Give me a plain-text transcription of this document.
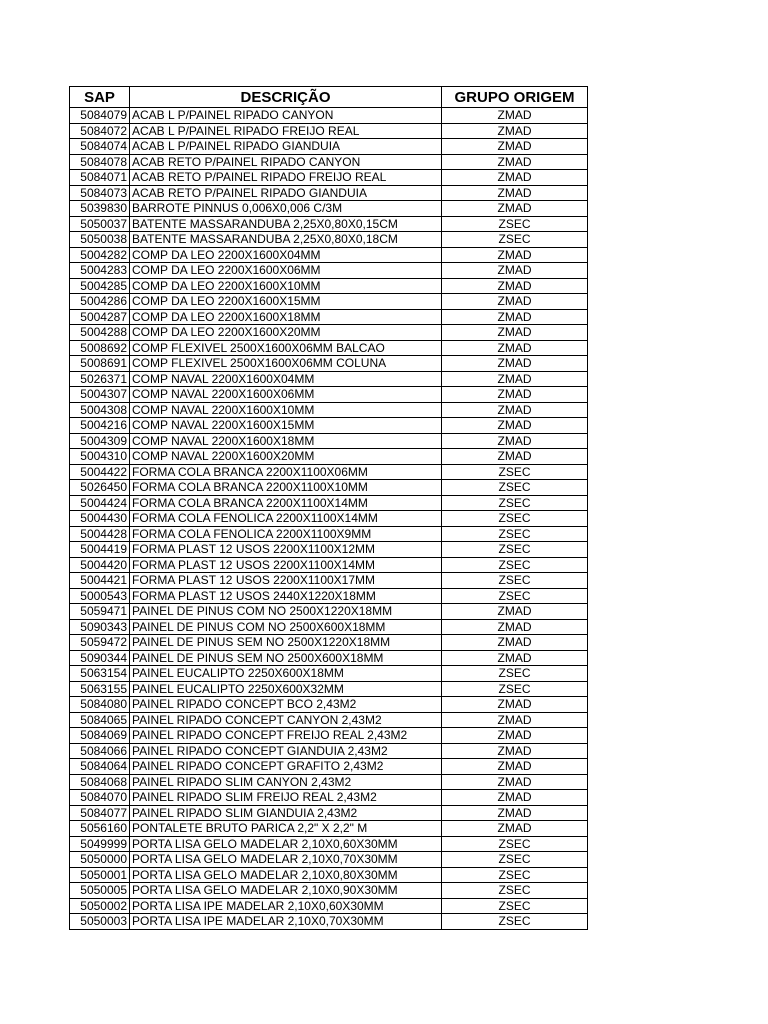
SAP	DESCRIÇÃO	GRUPO ORIGEM
5084079	ACAB L P/PAINEL RIPADO CANYON	ZMAD
5084072	ACAB L P/PAINEL RIPADO FREIJO REAL	ZMAD
5084074	ACAB L P/PAINEL RIPADO GIANDUIA	ZMAD
5084078	ACAB RETO P/PAINEL RIPADO CANYON	ZMAD
5084071	ACAB RETO P/PAINEL RIPADO FREIJO REAL	ZMAD
5084073	ACAB RETO P/PAINEL RIPADO GIANDUIA	ZMAD
5039830	BARROTE PINNUS 0,006X0,006 C/3M	ZMAD
5050037	BATENTE MASSARANDUBA 2,25X0,80X0,15CM	ZSEC
5050038	BATENTE MASSARANDUBA 2,25X0,80X0,18CM	ZSEC
5004282	COMP DA LEO 2200X1600X04MM	ZMAD
5004283	COMP DA LEO 2200X1600X06MM	ZMAD
5004285	COMP DA LEO 2200X1600X10MM	ZMAD
5004286	COMP DA LEO 2200X1600X15MM	ZMAD
5004287	COMP DA LEO 2200X1600X18MM	ZMAD
5004288	COMP DA LEO 2200X1600X20MM	ZMAD
5008692	COMP FLEXIVEL 2500X1600X06MM BALCAO	ZMAD
5008691	COMP FLEXIVEL 2500X1600X06MM COLUNA	ZMAD
5026371	COMP NAVAL 2200X1600X04MM	ZMAD
5004307	COMP NAVAL 2200X1600X06MM	ZMAD
5004308	COMP NAVAL 2200X1600X10MM	ZMAD
5004216	COMP NAVAL 2200X1600X15MM	ZMAD
5004309	COMP NAVAL 2200X1600X18MM	ZMAD
5004310	COMP NAVAL 2200X1600X20MM	ZMAD
5004422	FORMA COLA BRANCA 2200X1100X06MM	ZSEC
5026450	FORMA COLA BRANCA 2200X1100X10MM	ZSEC
5004424	FORMA COLA BRANCA 2200X1100X14MM	ZSEC
5004430	FORMA COLA FENOLICA 2200X1100X14MM	ZSEC
5004428	FORMA COLA FENOLICA 2200X1100X9MM	ZSEC
5004419	FORMA PLAST 12 USOS 2200X1100X12MM	ZSEC
5004420	FORMA PLAST 12 USOS 2200X1100X14MM	ZSEC
5004421	FORMA PLAST 12 USOS 2200X1100X17MM	ZSEC
5000543	FORMA PLAST 12 USOS 2440X1220X18MM	ZSEC
5059471	PAINEL DE PINUS COM NO 2500X1220X18MM	ZMAD
5090343	PAINEL DE PINUS COM NO 2500X600X18MM	ZMAD
5059472	PAINEL DE PINUS SEM NO 2500X1220X18MM	ZMAD
5090344	PAINEL DE PINUS SEM NO 2500X600X18MM	ZMAD
5063154	PAINEL EUCALIPTO 2250X600X18MM	ZSEC
5063155	PAINEL EUCALIPTO 2250X600X32MM	ZSEC
5084080	PAINEL RIPADO CONCEPT BCO 2,43M2	ZMAD
5084065	PAINEL RIPADO CONCEPT CANYON 2,43M2	ZMAD
5084069	PAINEL RIPADO CONCEPT FREIJO REAL 2,43M2	ZMAD
5084066	PAINEL RIPADO CONCEPT GIANDUIA 2,43M2	ZMAD
5084064	PAINEL RIPADO CONCEPT GRAFITO 2,43M2	ZMAD
5084068	PAINEL RIPADO SLIM CANYON 2,43M2	ZMAD
5084070	PAINEL RIPADO SLIM FREIJO REAL 2,43M2	ZMAD
5084077	PAINEL RIPADO SLIM GIANDUIA 2,43M2	ZMAD
5056160	PONTALETE BRUTO PARICA 2,2" X 2,2" M	ZMAD
5049999	PORTA LISA GELO MADELAR 2,10X0,60X30MM	ZSEC
5050000	PORTA LISA GELO MADELAR 2,10X0,70X30MM	ZSEC
5050001	PORTA LISA GELO MADELAR 2,10X0,80X30MM	ZSEC
5050005	PORTA LISA GELO MADELAR 2,10X0,90X30MM	ZSEC
5050002	PORTA LISA IPE MADELAR 2,10X0,60X30MM	ZSEC
5050003	PORTA LISA IPE MADELAR 2,10X0,70X30MM	ZSEC
